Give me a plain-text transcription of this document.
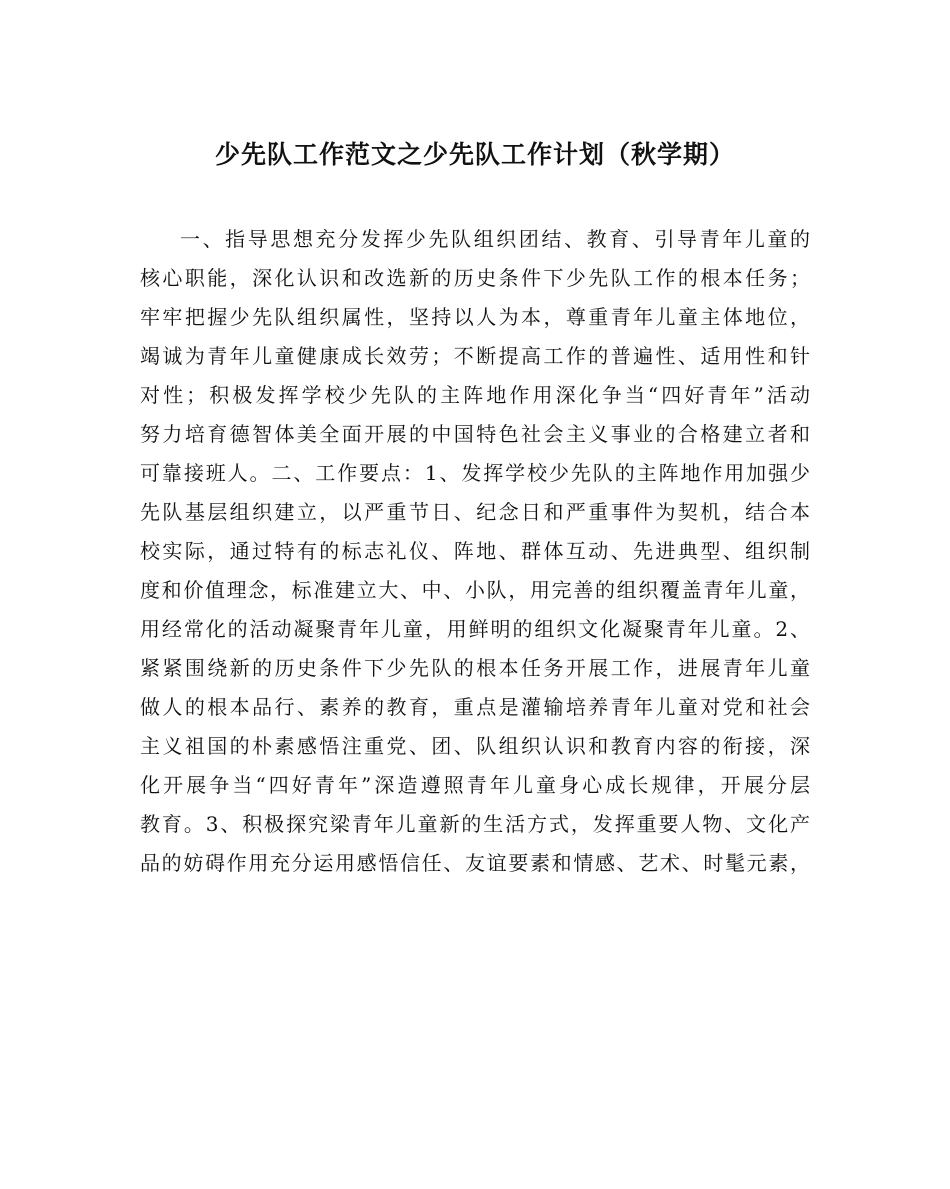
少先队工作范文之少先队工作计划（秋学期）
一、指导思想充分发挥少先队组织团结、教育、引导青年儿童的
核心职能，深化认识和改选新的历史条件下少先队工作的根本任务；
牢牢把握少先队组织属性，坚持以人为本，尊重青年儿童主体地位，
竭诚为青年儿童健康成长效劳；不断提高工作的普遍性、适用性和针
对性；积极发挥学校少先队的主阵地作用深化争当“四好青年”活动
努力培育德智体美全面开展的中国特色社会主义事业的合格建立者和
可靠接班人。二、工作要点：1、发挥学校少先队的主阵地作用加强少
先队基层组织建立，以严重节日、纪念日和严重事件为契机，结合本
校实际，通过特有的标志礼仪、阵地、群体互动、先进典型、组织制
度和价值理念，标准建立大、中、小队，用完善的组织覆盖青年儿童，
用经常化的活动凝聚青年儿童，用鲜明的组织文化凝聚青年儿童。2、
紧紧围绕新的历史条件下少先队的根本任务开展工作，进展青年儿童
做人的根本品行、素养的教育，重点是灌输培养青年儿童对党和社会
主义祖国的朴素感悟注重党、团、队组织认识和教育内容的衔接，深
化开展争当“四好青年”深造遵照青年儿童身心成长规律，开展分层
教育。3、积极探究梁青年儿童新的生活方式，发挥重要人物、文化产
品的妨碍作用充分运用感悟信任、友谊要素和情感、艺术、时髦元素，
